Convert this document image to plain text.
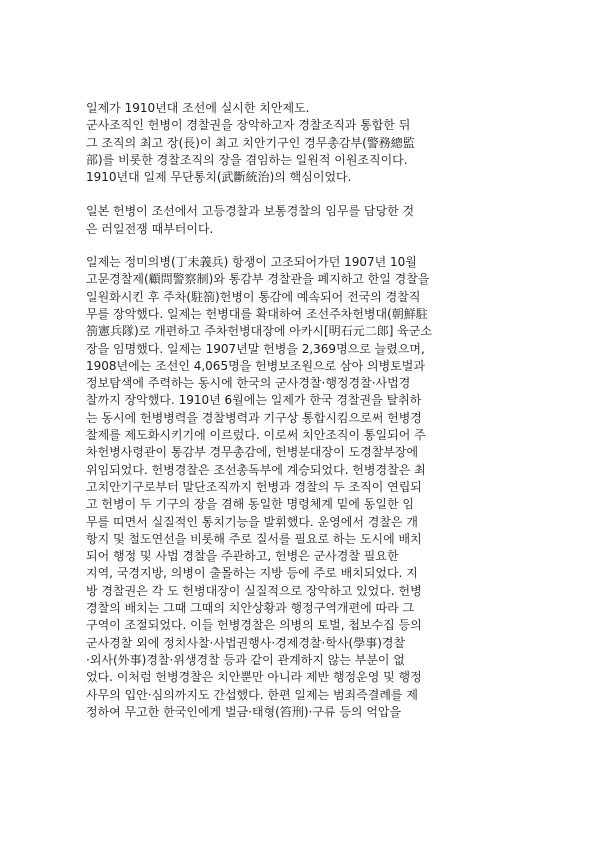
일제가 1910년대 조선에 실시한 치안제도.
군사조직인 헌병이 경찰권을 장악하고자 경찰조직과 통합한 뒤
그 조직의 최고 장(長)이 최고 치안기구인 경무총감부(警務總監
部)를 비롯한 경찰조직의 장을 겸임하는 일원적 이원조직이다.
1910년대 일제 무단통치(武斷統治)의 핵심이었다.
일본 헌병이 조선에서 고등경찰과 보통경찰의 임무를 담당한 것
은 러일전쟁 때부터이다.
일제는 정미의병(丁未義兵) 항쟁이 고조되어가던 1907년 10월
고문경찰제(顧問警察制)와 통감부 경찰관을 폐지하고 한일 경찰을
일원화시킨 후 주차(駐箚)헌병이 통감에 예속되어 전국의 경찰직
무를 장악했다. 일제는 헌병대를 확대하여 조선주차헌병대(朝鮮駐
箚憲兵隊)로 개편하고 주차헌병대장에 아카시[明石元二郞] 육군소
장을 임명했다. 일제는 1907년말 헌병을 2,369명으로 늘렸으며,
1908년에는 조선인 4,065명을 헌병보조원으로 삼아 의병토벌과
정보탐색에 주력하는 동시에 한국의 군사경찰·행정경찰·사법경
찰까지 장악했다. 1910년 6월에는 일제가 한국 경찰권을 탈취하
는 동시에 헌병병력을 경찰병력과 기구상 통합시킴으로써 헌병경
찰제를 제도화시키기에 이르렀다. 이로써 치안조직이 통일되어 주
차헌병사령관이 통감부 경무총감에, 헌병분대장이 도경찰부장에
위임되었다. 헌병경찰은 조선총독부에 계승되었다. 헌병경찰은 최
고치안기구로부터 말단조직까지 헌병과 경찰의 두 조직이 연립되
고 헌병이 두 기구의 장을 겸해 동일한 명령체계 밑에 동일한 임
무를 띠면서 실질적인 통치기능을 발휘했다. 운영에서 경찰은 개
항지 및 철도연선을 비롯해 주로 질서를 필요로 하는 도시에 배치
되어 행정 및 사법 경찰을 주관하고, 헌병은 군사경찰 필요한
지역, 국경지방, 의병이 출몰하는 지방 등에 주로 배치되었다. 지
방 경찰권은 각 도 헌병대장이 실질적으로 장악하고 있었다. 헌병
경찰의 배치는 그때 그때의 치안상황과 행정구역개편에 따라 그
구역이 조절되었다. 이들 헌병경찰은 의병의 토벌, 첩보수집 등의
군사경찰 외에 정치사찰·사법권행사·경제경찰·학사(學事)경찰
·외사(外事)경찰·위생경찰 등과 같이 관계하지 않는 부분이 없
었다. 이처럼 헌병경찰은 치안뿐만 아니라 제반 행정운영 및 행정
사무의 입안·심의까지도 간섭했다. 한편 일제는 범죄즉결례를 제
정하여 무고한 한국인에게 벌금·태형(笞刑)·구류 등의 억압을
